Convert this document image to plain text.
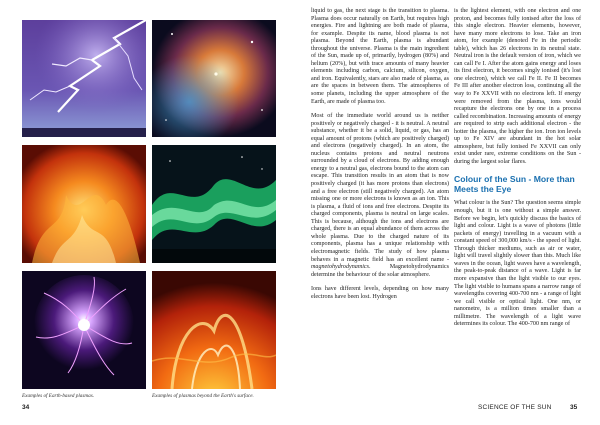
Examples of Earth-based plasmas.	Examples of plasmas beyond the Earth's surface.
34

liquid to gas, the next stage is the transition to plasma. Plasma does occur naturally on Earth, but requires high energies. Fire and lightning are both made of plasma, for example. Despite its name, blood plasma is not plasma. Beyond the Earth, plasma is abundant throughout the universe. Plasma is the main ingredient of the Sun, made up of, primarily, hydrogen (80%) and helium (20%), but with trace amounts of many heavier elements including carbon, calcium, silicon, oxygen, and iron. Equivalently, stars are also made of plasma, as are the spaces in between them. The atmospheres of some planets, including the upper atmosphere of the Earth, are made of plasma too.

Most of the immediate world around us is neither positively or negatively charged - it is neutral. A neutral substance, whether it be a solid, liquid, or gas, has an equal amount of protons (which are positively charged) and electrons (negatively charged). In an atom, the nucleus contains protons and neutral neutrons surrounded by a cloud of electrons. By adding enough energy to a neutral gas, electrons bound to the atom can escape. This transition results in an atom that is now positively charged (it has more protons than electrons) and a free electron (still negatively charged). An atom missing one or more electrons is known as an ion. This is plasma, a fluid of ions and free electrons. Despite its charged components, plasma is neutral on large scales. This is because, although the ions and electrons are charged, there is an equal abundance of them across the whole plasma. Due to the charged nature of its components, plasma has a unique relationship with electromagnetic fields. The study of how plasma behaves in a magnetic field has an excellent name - magnetohydrodynamics. Magnetohydrodynamics determine the behaviour of the solar atmosphere.

Ions have different levels, depending on how many electrons have been lost. Hydrogen

is the lightest element, with one electron and one proton, and becomes fully ionised after the loss of this single electron. Heavier elements, however, have many more electrons to lose. Take an iron atom, for example (denoted Fe in the periodic table), which has 26 electrons in its neutral state. Neutral iron is the default version of iron, which we can call Fe I. After the atom gains energy and loses its first electron, it becomes singly ionised (it's lost one electron), which we call Fe II. Fe II becomes Fe III after another electron loss, continuing all the way to Fe XXVII with no electrons left. If energy were removed from the plasma, ions would recapture the electrons one by one in a process called recombination. Increasing amounts of energy are required to strip each additional electron - the hotter the plasma, the higher the ion. Iron ion levels up to Fe XIV are abundant in the hot solar atmosphere, but fully ionised Fe XXVII can only exist under rare, extreme conditions on the Sun - during the largest solar flares.

Colour of the Sun - More than Meets the Eye

What colour is the Sun? The question seems simple enough, but it is one without a simple answer. Before we begin, let's quickly discuss the basics of light and colour. Light is a wave of photons (little packets of energy) travelling in a vacuum with a constant speed of 300,000 km/s - the speed of light. Through thicker mediums, such as air or water, light will travel slightly slower than this. Much like waves in the ocean, light waves have a wavelength, the peak-to-peak distance of a wave. Light is far more expansive than the light visible to our eyes. The light visible to humans spans a narrow range of wavelengths covering 400-700 nm - a range of light we call visible or optical light. One nm, or nanometre, is a million times smaller than a millimetre. The wavelength of a light wave determines its colour. The 400-700 nm range of

SCIENCE OF THE SUN	35
